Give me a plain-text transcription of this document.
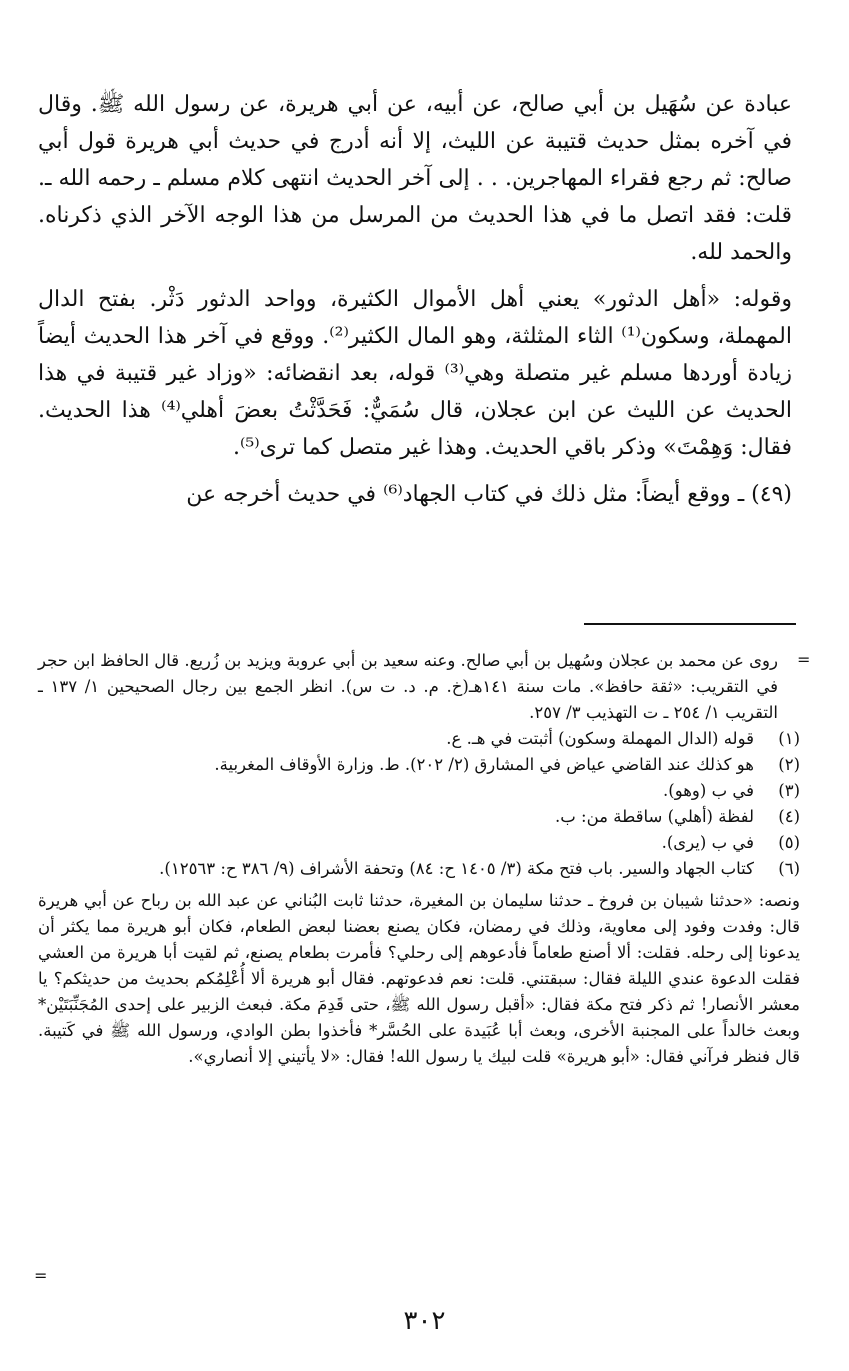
عبادة عن سُهَيل بن أبي صالح، عن أبيه، عن أبي هريرة، عن رسول الله ﷺ. وقال في آخره بمثل حديث قتيبة عن الليث، إلا أنه أدرج في حديث أبي هريرة قول أبي صالح: ثم رجع فقراء المهاجرين. . . إلى آخر الحديث انتهى كلام مسلم ـ رحمه الله ـ. قلت: فقد اتصل ما في هذا الحديث من المرسل من هذا الوجه الآخر الذي ذكرناه. والحمد لله.

وقوله: «أهل الدثور» يعني أهل الأموال الكثيرة، وواحد الدثور دَثْر. بفتح الدال المهملة، وسكون⁽¹⁾ الثاء المثلثة، وهو المال الكثير⁽²⁾. ووقع في آخر هذا الحديث أيضاً زيادة أوردها مسلم غير متصلة وهي⁽³⁾ قوله، بعد انقضائه: «وزاد غير قتيبة في هذا الحديث عن الليث عن ابن عجلان، قال سُمَيٌّ: فَحَدَّثْتُ بعضَ أهلي⁽⁴⁾ هذا الحديث. فقال: وَهِمْتَ» وذكر باقي الحديث. وهذا غير متصل كما ترى⁽⁵⁾.

(٤٩) ـ ووقع أيضاً: مثل ذلك في كتاب الجهاد⁽⁶⁾ في حديث أخرجه عن

=
روى عن محمد بن عجلان وسُهيل بن أبي صالح. وعنه سعيد بن أبي عروبة ويزيد بن زُريع. قال الحافظ ابن حجر في التقريب: «ثقة حافظ». مات سنة ١٤١هـ(خ. م. د. ت س). انظر الجمع بين رجال الصحيحين ١/ ١٣٧ ـ التقريب ١/ ٢٥٤ ـ ت التهذيب ٣/ ٢٥٧.
(١)
قوله (الدال المهملة وسكون) أثبتت في هـ. ع.
(٢)
هو كذلك عند القاضي عياض في المشارق (٢/ ٢٠٢). ط. وزارة الأوقاف المغربية.
(٣)
في ب (وهو).
(٤)
لفظة (أهلي) ساقطة من: ب.
(٥)
في ب (يرى).
(٦)
كتاب الجهاد والسير. باب فتح مكة (٣/ ١٤٠٥ ح: ٨٤) وتحفة الأشراف (٩/ ٣٨٦ ح: ١٢٥٦٣).
ونصه: «حدثنا شيبان بن فروخ ـ حدثنا سليمان بن المغيرة، حدثنا ثابت البُناني عن عبد الله بن رباح عن أبي هريرة قال: وفدت وفود إلى معاوية، وذلك في رمضان، فكان يصنع بعضنا لبعض الطعام، فكان أبو هريرة مما يكثر أن يدعونا إلى رحله. فقلت: ألا أصنع طعاماً فأدعوهم إلى رحلي؟ فأمرت بطعام يصنع، ثم لقيت أبا هريرة من العشي فقلت الدعوة عندي الليلة فقال: سبقتني. قلت: نعم فدعوتهم. فقال أبو هريرة ألا أُعْلِمُكم بحديث من حديثكم؟ يا معشر الأنصار! ثم ذكر فتح مكة فقال: «أقبل رسول الله ﷺ، حتى قَدِمَ مكة. فبعث الزبير على إحدى المُجَنِّبَتَيْن* وبعث خالداً على المجنبة الأخرى، وبعث أبا عُبَيدة على الحُسَّر* فأخذوا بطن الوادي، ورسول الله ﷺ في كَتيبة. قال فنظر فرآني فقال: «أبو هريرة» قلت لبيك يا رسول الله! فقال: «لا يأتيني إلا أنصاري».
=
٣٠٢
